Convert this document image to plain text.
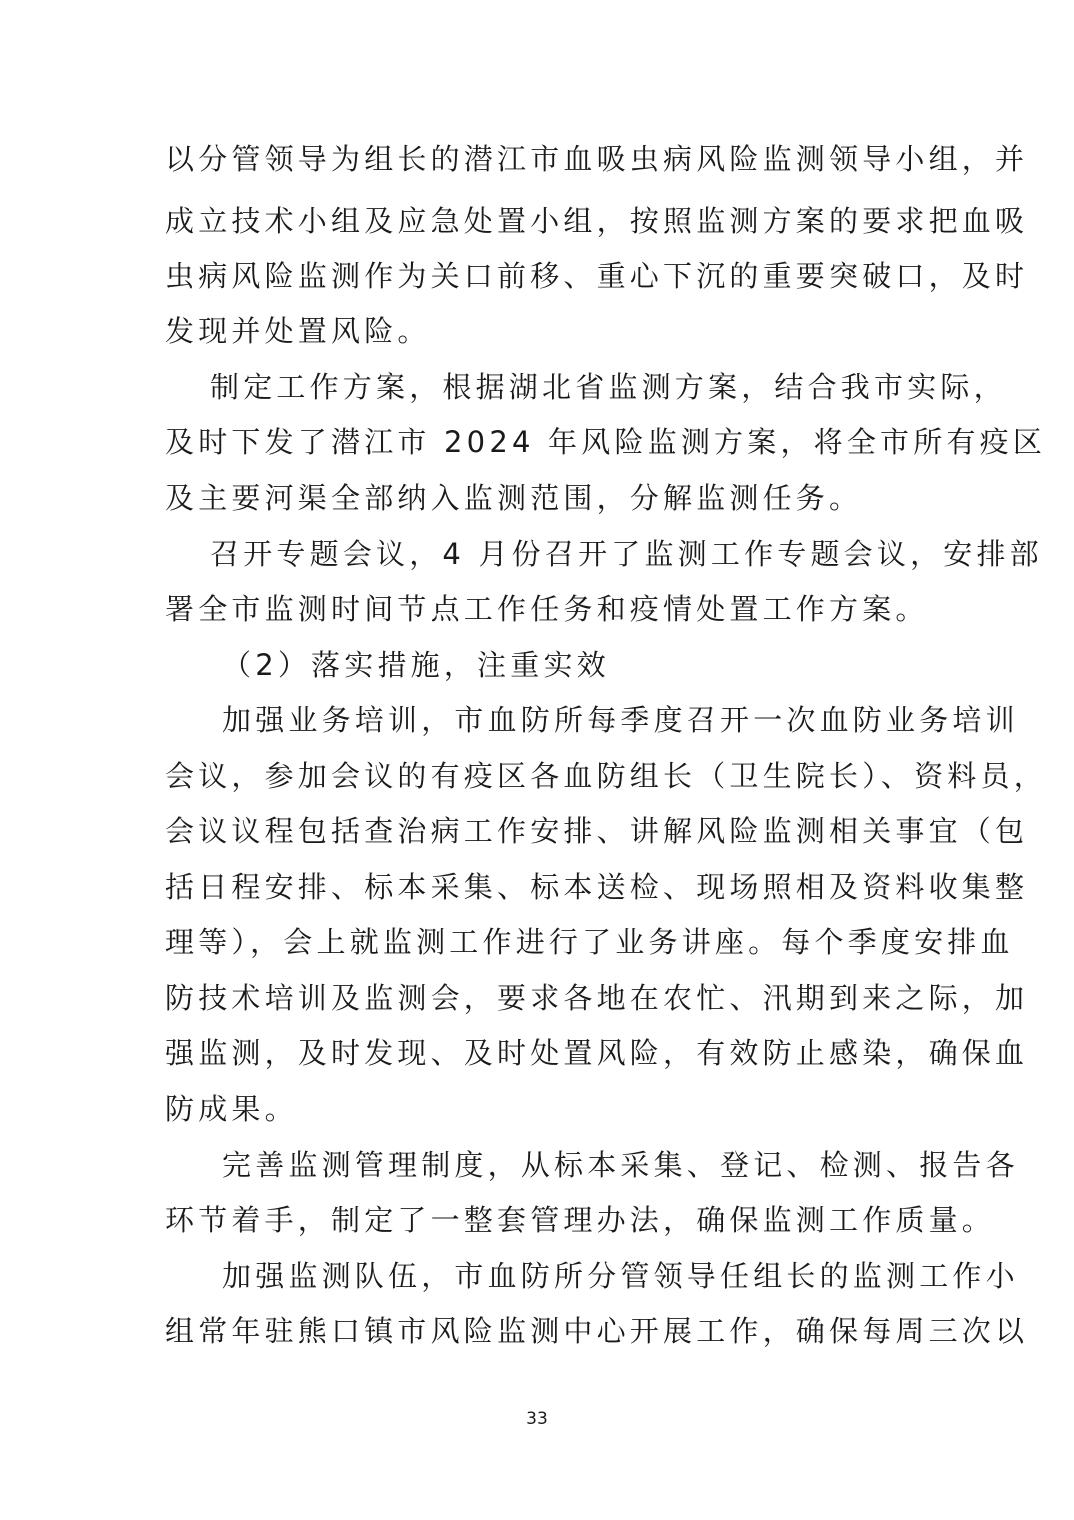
以分管领导为组长的潜江市血吸虫病风险监测领导小组，并
成立技术小组及应急处置小组，按照监测方案的要求把血吸
虫病风险监测作为关口前移、重心下沉的重要突破口，及时
发现并处置风险。
制定工作方案，根据湖北省监测方案，结合我市实际，
及时下发了潜江市 2024 年风险监测方案，将全市所有疫区
及主要河渠全部纳入监测范围，分解监测任务。
召开专题会议，4 月份召开了监测工作专题会议，安排部
署全市监测时间节点工作任务和疫情处置工作方案。
（2）落实措施，注重实效
加强业务培训，市血防所每季度召开一次血防业务培训
会议，参加会议的有疫区各血防组长（卫生院长）、资料员，
会议议程包括查治病工作安排、讲解风险监测相关事宜（包
括日程安排、标本采集、标本送检、现场照相及资料收集整
理等），会上就监测工作进行了业务讲座。每个季度安排血
防技术培训及监测会，要求各地在农忙、汛期到来之际，加
强监测，及时发现、及时处置风险，有效防止感染，确保血
防成果。
完善监测管理制度，从标本采集、登记、检测、报告各
环节着手，制定了一整套管理办法，确保监测工作质量。
加强监测队伍，市血防所分管领导任组长的监测工作小
组常年驻熊口镇市风险监测中心开展工作，确保每周三次以
33
